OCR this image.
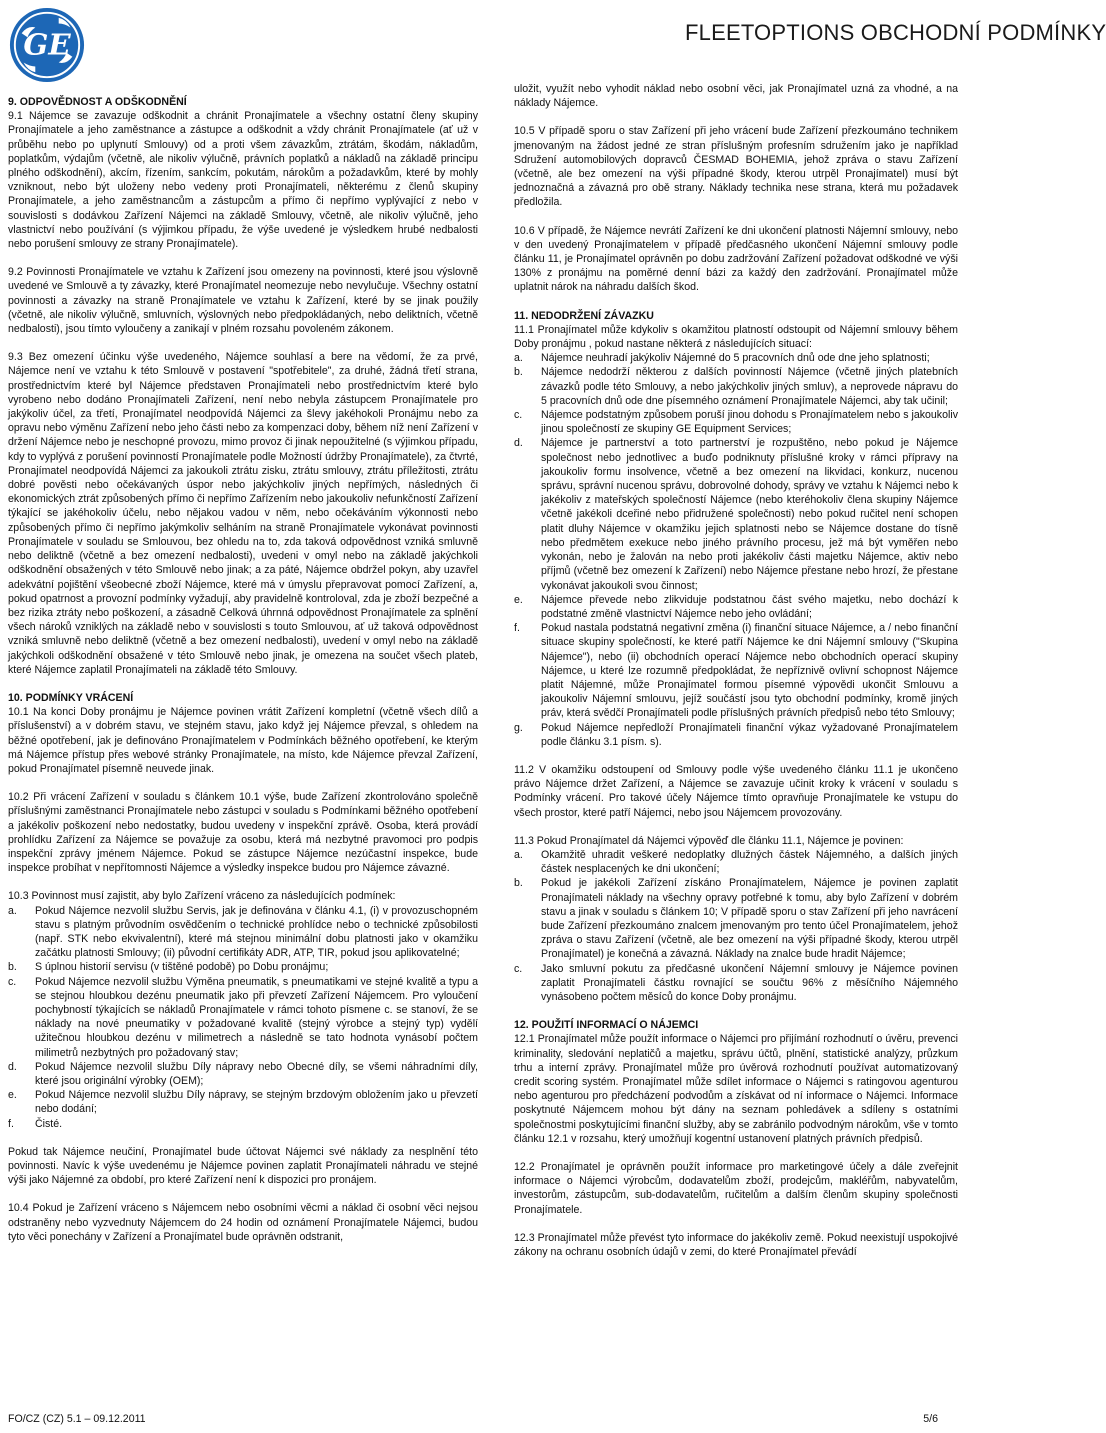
GE	FLEETOPTIONS OBCHODNÍ PODMÍNKY
9. ODPOVĚDNOST A ODŠKODNĚNÍ

9.1 Nájemce se zavazuje odškodnit a chránit Pronajímatele a všechny ostatní členy skupiny Pronajímatele a jeho zaměstnance a zástupce a odškodnit a vždy chránit Pronajímatele (ať už v průběhu nebo po uplynutí Smlouvy) od a proti všem závazkům, ztrátám, škodám, nákladům, poplatkům, výdajům (včetně, ale nikoliv výlučně, právních poplatků a nákladů na základě principu plného odškodnění), akcím, řízením, sankcím, pokutám, nárokům a požadavkům, které by mohly vzniknout, nebo být uloženy nebo vedeny proti Pronajímateli, některému z členů skupiny Pronajímatele, a jeho zaměstnancům a zástupcům a přímo či nepřímo vyplývající z nebo v souvislosti s dodávkou Zařízení Nájemci na základě Smlouvy, včetně, ale nikoliv výlučně, jeho vlastnictví nebo používání (s výjimkou případu, že výše uvedené je výsledkem hrubé nedbalosti nebo porušení smlouvy ze strany Pronajímatele).

9.2 Povinnosti Pronajímatele ve vztahu k Zařízení jsou omezeny na povinnosti, které jsou výslovně uvedené ve Smlouvě a ty závazky, které Pronajímatel neomezuje nebo nevylučuje. Všechny ostatní povinnosti a závazky na straně Pronajímatele ve vztahu k Zařízení, které by se jinak použily (včetně, ale nikoliv výlučně, smluvních, výslovných nebo předpokládaných, nebo deliktních, včetně nedbalosti), jsou tímto vyloučeny a zanikají v plném rozsahu povoleném zákonem.

9.3 Bez omezení účinku výše uvedeného, Nájemce souhlasí a bere na vědomí, že za prvé, Nájemce není ve vztahu k této Smlouvě v postavení "spotřebitele", za druhé, žádná třetí strana, prostřednictvím které byl Nájemce představen Pronajímateli nebo prostřednictvím které bylo vyrobeno nebo dodáno Pronajímateli Zařízení, není nebo nebyla zástupcem Pronajímatele pro jakýkoliv účel, za třetí, Pronajímatel neodpovídá Nájemci za šlevy jakéhokoli Pronájmu nebo za opravu nebo výměnu Zařízení nebo jeho části nebo za kompenzaci doby, během níž není Zařízení v držení Nájemce nebo je neschopné provozu, mimo provoz či jinak nepoužitelné (s výjimkou případu, kdy to vyplývá z porušení povinností Pronajímatele podle Možností údržby Pronajímatele), za čtvrté, Pronajímatel neodpovídá Nájemci za jakoukoli ztrátu zisku, ztrátu smlouvy, ztrátu příležitosti, ztrátu dobré pověsti nebo očekávaných úspor nebo jakýchkoliv jiných nepřímých, následných či ekonomických ztrát způsobených přímo či nepřímo Zařízením nebo jakoukoliv nefunkčností Zařízení týkající se jakéhokoliv účelu, nebo nějakou vadou v něm, nebo očekáváním výkonnosti nebo způsobených přímo či nepřímo jakýmkoliv selháním na straně Pronajímatele vykonávat povinnosti Pronajímatele v souladu se Smlouvou, bez ohledu na to, zda taková odpovědnost vzniká smluvně nebo deliktně (včetně a bez omezení nedbalosti), uvedeni v omyl nebo na základě jakýchkoli odškodnění obsažených v této Smlouvě nebo jinak; a za páté, Nájemce obdržel pokyn, aby uzavřel adekvátní pojištění všeobecné zboží Nájemce, které má v úmyslu přepravovat pomocí Zařízení, a, pokud opatrnost a provozní podmínky vyžadují, aby pravidelně kontroloval, zda je zboží bezpečné a bez rizika ztráty nebo poškození, a zásadně Celková úhrnná odpovědnost Pronajímatele za splnění všech nároků vzniklých na základě nebo v souvislosti s touto Smlouvou, ať už taková odpovědnost vzniká smluvně nebo deliktně (včetně a bez omezení nedbalosti), uvedení v omyl nebo na základě jakýchkoli odškodnění obsažené v této Smlouvě nebo jinak, je omezena na součet všech plateb, které Nájemce zaplatil Pronajímateli na základě této Smlouvy.

10. PODMÍNKY VRÁCENÍ

10.1 Na konci Doby pronájmu je Nájemce povinen vrátit Zařízení kompletní (včetně všech dílů a příslušenství) a v dobrém stavu, ve stejném stavu, jako když jej Nájemce převzal, s ohledem na běžné opotřebení, jak je definováno Pronajímatelem v Podmínkách běžného opotřebení, ke kterým má Nájemce přístup přes webové stránky Pronajímatele, na místo, kde Nájemce převzal Zařízení, pokud Pronajímatel písemně neuvede jinak.

10.2 Při vrácení Zařízení v souladu s článkem 10.1 výše, bude Zařízení zkontrolováno společně příslušnými zaměstnanci Pronajímatele nebo zástupci v souladu s Podmínkami běžného opotřebení a jakékoliv poškození nebo nedostatky, budou uvedeny v inspekční zprávě. Osoba, která provádí prohlídku Zařízení za Nájemce se považuje za osobu, která má nezbytné pravomoci pro podpis inspekční zprávy jménem Nájemce. Pokud se zástupce Nájemce nezúčastní inspekce, bude inspekce probíhat v nepřítomnosti Nájemce a výsledky inspekce budou pro Nájemce závazné.

10.3 Povinnost musí zajistit, aby bylo Zařízení vráceno za následujících podmínek:

a.	Pokud Nájemce nezvolil službu Servis, jak je definována v článku 4.1, (i) v provozuschopném stavu s platným průvodním osvědčením o technické prohlídce nebo o technické způsobilosti (např. STK nebo ekvivalentní), které má stejnou minimální dobu platnosti jako v okamžiku začátku platnosti Smlouvy; (ii) původní certifikáty ADR, ATP, TIR, pokud jsou aplikovatelné;
b.	S úplnou historií servisu (v tištěné podobě) po Dobu pronájmu;
c.	Pokud Nájemce nezvolil službu Výměna pneumatik, s pneumatikami ve stejné kvalitě a typu a se stejnou hloubkou dezénu pneumatik jako při převzetí Zařízení Nájemcem. Pro vyloučení pochybností týkajících se nákladů Pronajímatele v rámci tohoto písmene c. se stanoví, že se náklady na nové pneumatiky v požadované kvalitě (stejný výrobce a stejný typ) vydělí užitečnou hloubkou dezénu v milimetrech a následně se tato hodnota vynásobí počtem milimetrů nezbytných pro požadovaný stav;
d.	Pokud Nájemce nezvolil službu Díly nápravy nebo Obecné díly, se všemi náhradními díly, které jsou originální výrobky (OEM);
e.	Pokud Nájemce nezvolil službu Díly nápravy, se stejným brzdovým obložením jako u převzetí nebo dodání;
f.	Čisté.

Pokud tak Nájemce neučiní, Pronajímatel bude účtovat Nájemci své náklady za nesplnění této povinnosti. Navíc k výše uvedenému je Nájemce povinen zaplatit Pronajímateli náhradu ve stejné výši jako Nájemné za období, pro které Zařízení není k dispozici pro pronájem.

10.4 Pokud je Zařízení vráceno s Nájemcem nebo osobními věcmi a náklad či osobní věci nejsou odstraněny nebo vyzvednuty Nájemcem do 24 hodin od oznámení Pronajímatele Nájemci, budou tyto věci ponechány v Zařízení a Pronajímatel bude oprávněn odstranit,

uložit, využít nebo vyhodit náklad nebo osobní věci, jak Pronajímatel uzná za vhodné, a na náklady Nájemce.

10.5 V případě sporu o stav Zařízení při jeho vrácení bude Zařízení přezkoumáno technikem jmenovaným na žádost jedné ze stran příslušným profesním sdružením jako je například Sdružení automobilových dopravců ČESMAD BOHEMIA, jehož zpráva o stavu Zařízení (včetně, ale bez omezení na výši případné škody, kterou utrpěl Pronajímatel) musí být jednoznačná a závazná pro obě strany. Náklady technika nese strana, která mu požadavek předložila.

10.6 V případě, že Nájemce nevrátí Zařízení ke dni ukončení platnosti Nájemní smlouvy, nebo v den uvedený Pronajímatelem v případě předčasného ukončení Nájemní smlouvy podle článku 11, je Pronajímatel oprávněn po dobu zadržování Zařízení požadovat odškodné ve výši 130% z pronájmu na poměrné denní bázi za každý den zadržování. Pronajímatel může uplatnit nárok na náhradu dalších škod.

11. NEDODRŽENÍ ZÁVAZKU

11.1 Pronajímatel může kdykoliv s okamžitou platností odstoupit od Nájemní smlouvy během Doby pronájmu , pokud nastane některá z následujících situací:

a.	Nájemce neuhradí jakýkoliv Nájemné do 5 pracovních dnů ode dne jeho splatnosti;
b.	Nájemce nedodrží některou z dalších povinností Nájemce (včetně jiných platebních závazků podle této Smlouvy, a nebo jakýchkoliv jiných smluv), a neprovede nápravu do 5 pracovních dnů ode dne písemného oznámení Pronajímatele Nájemci, aby tak učinil;
c.	Nájemce podstatným způsobem poruší jinou dohodu s Pronajímatelem nebo s jakoukoliv jinou společností ze skupiny GE Equipment Services;
d.	Nájemce je partnerství a toto partnerství je rozpuštěno, nebo pokud je Nájemce společnost nebo jednotlivec a buďo podniknuty příslušné kroky v rámci přípravy na jakoukoliv formu insolvence, včetně a bez omezení na likvidaci, konkurz, nucenou správu, správní nucenou správu, dobrovolné dohody, správy ve vztahu k Nájemci nebo k jakékoliv z mateřských společností Nájemce (nebo kteréhokoliv člena skupiny Nájemce včetně jakékoli dceřiné nebo přidružené společnosti) nebo pokud ručitel není schopen platit dluhy Nájemce v okamžiku jejich splatnosti nebo se Nájemce dostane do tísně nebo předmětem exekuce nebo jiného právního procesu, jež má být vyměřen nebo vykonán, nebo je žalován na nebo proti jakékoliv části majetku Nájemce, aktiv nebo příjmů (včetně bez omezení k Zařízení) nebo Nájemce přestane nebo hrozí, že přestane vykonávat jakoukoli svou činnost;
e.	Nájemce převede nebo zlikviduje podstatnou část svého majetku, nebo dochází k podstatné změně vlastnictví Nájemce nebo jeho ovládání;
f.	Pokud nastala podstatná negativní změna (i) finanční situace Nájemce, a / nebo finanční situace skupiny společností, ke které patří Nájemce ke dni Nájemní smlouvy ("Skupina Nájemce"), nebo (ii) obchodních operací Nájemce nebo obchodních operací skupiny Nájemce, u které lze rozumně předpokládat, že nepříznivě ovlivní schopnost Nájemce platit Nájemné, může Pronajímatel formou písemné výpovědi ukončit Smlouvu a jakoukoliv Nájemní smlouvu, jejíž součástí jsou tyto obchodní podmínky, kromě jiných práv, která svědčí Pronajímateli podle příslušných právních předpisů nebo této Smlouvy;
g.	Pokud Nájemce nepředloží Pronajímateli finanční výkaz vyžadované Pronajímatelem podle článku 3.1 písm. s).

11.2 V okamžiku odstoupení od Smlouvy podle výše uvedeného článku 11.1 je ukončeno právo Nájemce držet Zařízení, a Nájemce se zavazuje učinit kroky k vrácení v souladu s Podmínky vrácení. Pro takové účely Nájemce tímto opravňuje Pronajímatele ke vstupu do všech prostor, které patří Nájemci, nebo jsou Nájemcem provozovány.

11.3 Pokud Pronajímatel dá Nájemci výpověď dle článku 11.1, Nájemce je povinen:

a.	Okamžitě uhradit veškeré nedoplatky dlužných částek Nájemného, a dalších jiných částek nesplacených ke dni ukončení;
b.	Pokud je jakékoli Zařízení získáno Pronajímatelem, Nájemce je povinen zaplatit Pronajímateli náklady na všechny opravy potřebné k tomu, aby bylo Zařízení v dobrém stavu a jinak v souladu s článkem 10; V případě sporu o stav Zařízení při jeho navrácení bude Zařízení přezkoumáno znalcem jmenovaným pro tento účel Pronajímatelem, jehož zpráva o stavu Zařízení (včetně, ale bez omezení na výši případné škody, kterou utrpěl Pronajímatel) je konečná a závazná. Náklady na znalce bude hradit Nájemce;
c.	Jako smluvní pokutu za předčasné ukončení Nájemní smlouvy je Nájemce povinen zaplatit Pronajímateli částku rovnající se součtu 96% z měsíčního Nájemného vynásobeno počtem měsíců do konce Doby pronájmu.
12. POUŽITÍ INFORMACÍ O NÁJEMCI

12.1 Pronajímatel může použít informace o Nájemci pro přijímání rozhodnutí o úvěru, prevenci kriminality, sledování neplatičů a majetku, správu účtů, plnění, statistické analýzy, průzkum trhu a interní zprávy. Pronajímatel může pro úvěrová rozhodnutí používat automatizovaný credit scoring systém. Pronajímatel může sdílet informace o Nájemci s ratingovou agenturou nebo agenturou pro předcházení podvodům a získávat od ní informace o Nájemci. Informace poskytnuté Nájemcem mohou být dány na seznam pohledávek a sdíleny s ostatními společnostmi poskytujícími finanční služby, aby se zabránilo podvodným nárokům, vše v tomto článku 12.1 v rozsahu, který umožňují kogentní ustanovení platných právních předpisů.

12.2 Pronajímatel je oprávněn použít informace pro marketingové účely a dále zveřejnit informace o Nájemci výrobcům, dodavatelům zboží, prodejcům, makléřům, nabyvatelům, investorům, zástupcům, sub-dodavatelům, ručitelům a dalším členům skupiny společnosti Pronajímatele.

12.3 Pronajímatel může převést tyto informace do jakékoliv země. Pokud neexistují uspokojivé zákony na ochranu osobních údajů v zemi, do které Pronajímatel převádí

FO/CZ (CZ) 5.1 – 09.12.2011	5/6
